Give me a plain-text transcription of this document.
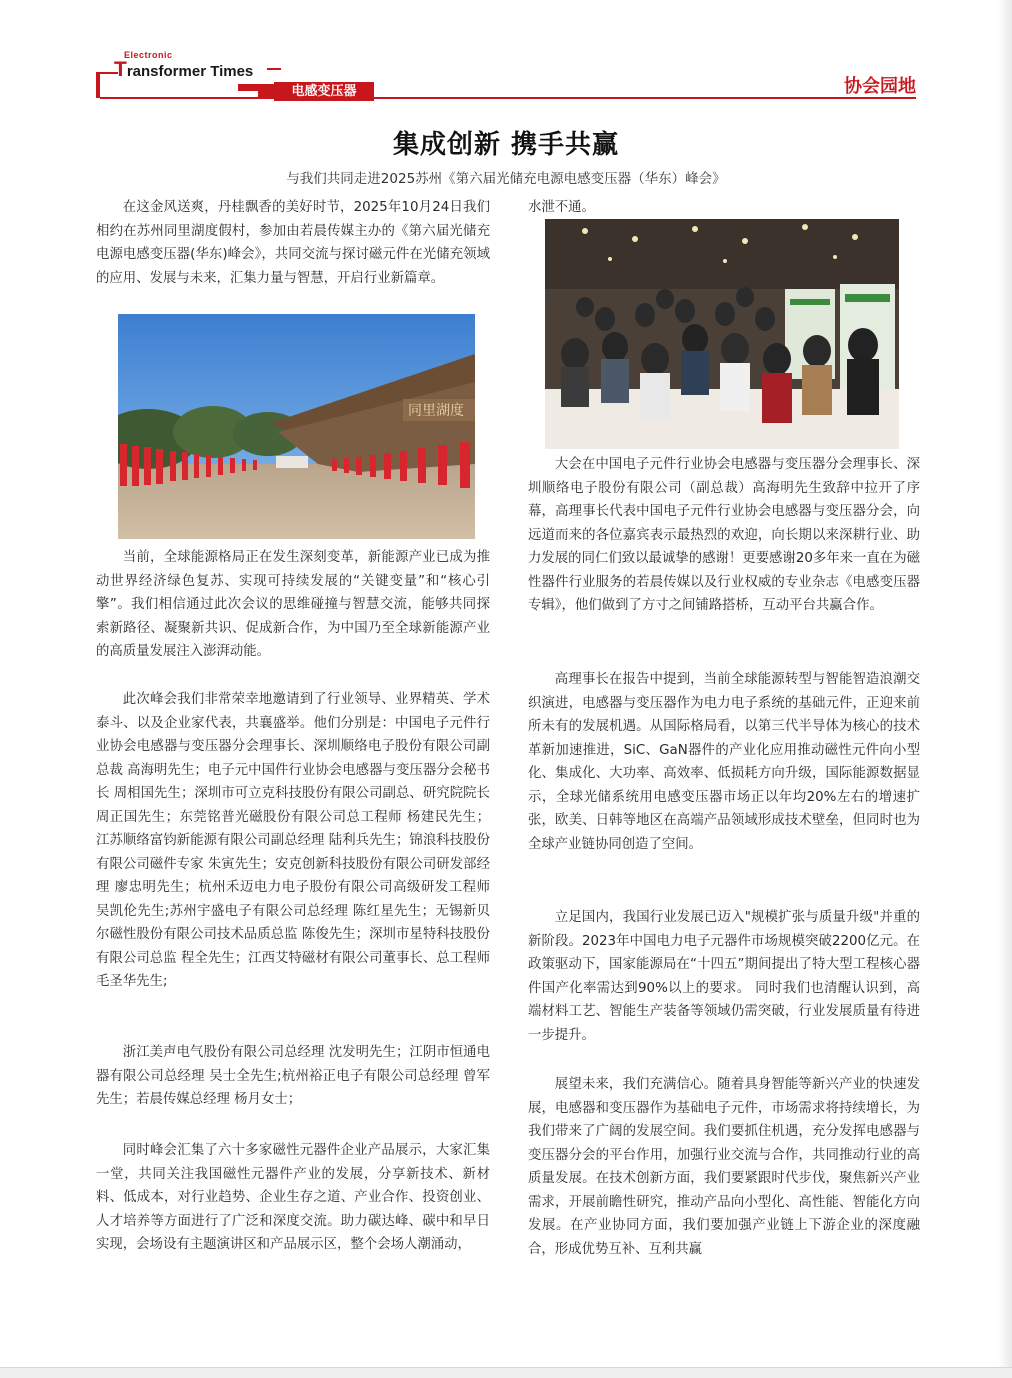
Electronic
Transformer Times
电感变压器	协会园地
集成创新 携手共赢
与我们共同走进2025苏州《第六届光储充电源电感变压器（华东）峰会》

在这金风送爽，丹桂飘香的美好时节，2025年10月24日我们相约在苏州同里湖度假村，参加由若晨传媒主办的《第六届光储充电源电感变压器(华东)峰会》，共同交流与探讨磁元件在光储充领域的应用、发展与未来，汇集力量与智慧，开启行业新篇章。

同里湖度

当前，全球能源格局正在发生深刻变革，新能源产业已成为推动世界经济绿色复苏、实现可持续发展的“关键变量”和“核心引擎”。我们相信通过此次会议的思维碰撞与智慧交流，能够共同探索新路径、凝聚新共识、促成新合作，为中国乃至全球新能源产业的高质量发展注入澎湃动能。

此次峰会我们非常荣幸地邀请到了行业领导、业界精英、学术泰斗、以及企业家代表，共襄盛举。他们分别是：中国电子元件行业协会电感器与变压器分会理事长、深圳顺络电子股份有限公司副总裁 高海明先生；电子元中国件行业协会电感器与变压器分会秘书长 周相国先生；深圳市可立克科技股份有限公司副总、研究院院长 周正国先生；东莞铭普光磁股份有限公司总工程师 杨建民先生； 江苏顺络富钧新能源有限公司副总经理 陆利兵先生；锦浪科技股份有限公司磁件专家 朱寅先生；安克创新科技股份有限公司研发部经理 廖忠明先生；杭州禾迈电力电子股份有限公司高级研发工程师 吴凯伦先生;苏州宇盛电子有限公司总经理 陈红星先生；无锡新贝尔磁性股份有限公司技术品质总监 陈俊先生；深圳市星特科技股份有限公司总监 程全先生；江西艾特磁材有限公司董事长、总工程师 毛圣华先生;

浙江美声电气股份有限公司总经理 沈发明先生；江阴市恒通电器有限公司总经理 吴士全先生;杭州裕正电子有限公司总经理 曾军先生；若晨传媒总经理 杨月女士；

同时峰会汇集了六十多家磁性元器件企业产品展示，大家汇集一堂，共同关注我国磁性元器件产业的发展，分享新技术、新材料、低成本，对行业趋势、企业生存之道、产业合作、投资创业、人才培养等方面进行了广泛和深度交流。助力碳达峰、碳中和早日实现，会场设有主题演讲区和产品展示区，整个会场人潮涌动，

水泄不通。

大会在中国电子元件行业协会电感器与变压器分会理事长、深圳顺络电子股份有限公司（副总裁）高海明先生致辞中拉开了序幕，高理事长代表中国电子元件行业协会电感器与变压器分会，向远道而来的各位嘉宾表示最热烈的欢迎，向长期以来深耕行业、助力发展的同仁们致以最诚挚的感谢！更要感谢20多年来一直在为磁性器件行业服务的若晨传媒以及行业权威的专业杂志《电感变压器专辑》，他们做到了方寸之间铺路搭桥，互动平台共赢合作。

高理事长在报告中提到，当前全球能源转型与智能智造浪潮交织演进，电感器与变压器作为电力电子系统的基础元件，正迎来前所未有的发展机遇。从国际格局看，以第三代半导体为核心的技术革新加速推进，SiC、GaN器件的产业化应用推动磁性元件向小型化、集成化、大功率、高效率、低损耗方向升级，国际能源数据显示，全球光储系统用电感变压器市场正以年均20%左右的增速扩张，欧美、日韩等地区在高端产品领域形成技术壁垒，但同时也为全球产业链协同创造了空间。

立足国内，我国行业发展已迈入"规模扩张与质量升级"并重的新阶段。2023年中国电力电子元器件市场规模突破2200亿元。在政策驱动下，国家能源局在“十四五”期间提出了特大型工程核心器件国产化率需达到90%以上的要求。 同时我们也清醒认识到，高端材料工艺、智能生产装备等领域仍需突破，行业发展质量有待进一步提升。

展望未来，我们充满信心。随着具身智能等新兴产业的快速发展，电感器和变压器作为基础电子元件，市场需求将持续增长，为我们带来了广阔的发展空间。我们要抓住机遇，充分发挥电感器与变压器分会的平台作用，加强行业交流与合作，共同推动行业的高质量发展。在技术创新方面，我们要紧跟时代步伐，聚焦新兴产业需求，开展前瞻性研究，推动产品向小型化、高性能、智能化方向发展。在产业协同方面，我们要加强产业链上下游企业的深度融合，形成优势互补、互利共赢
